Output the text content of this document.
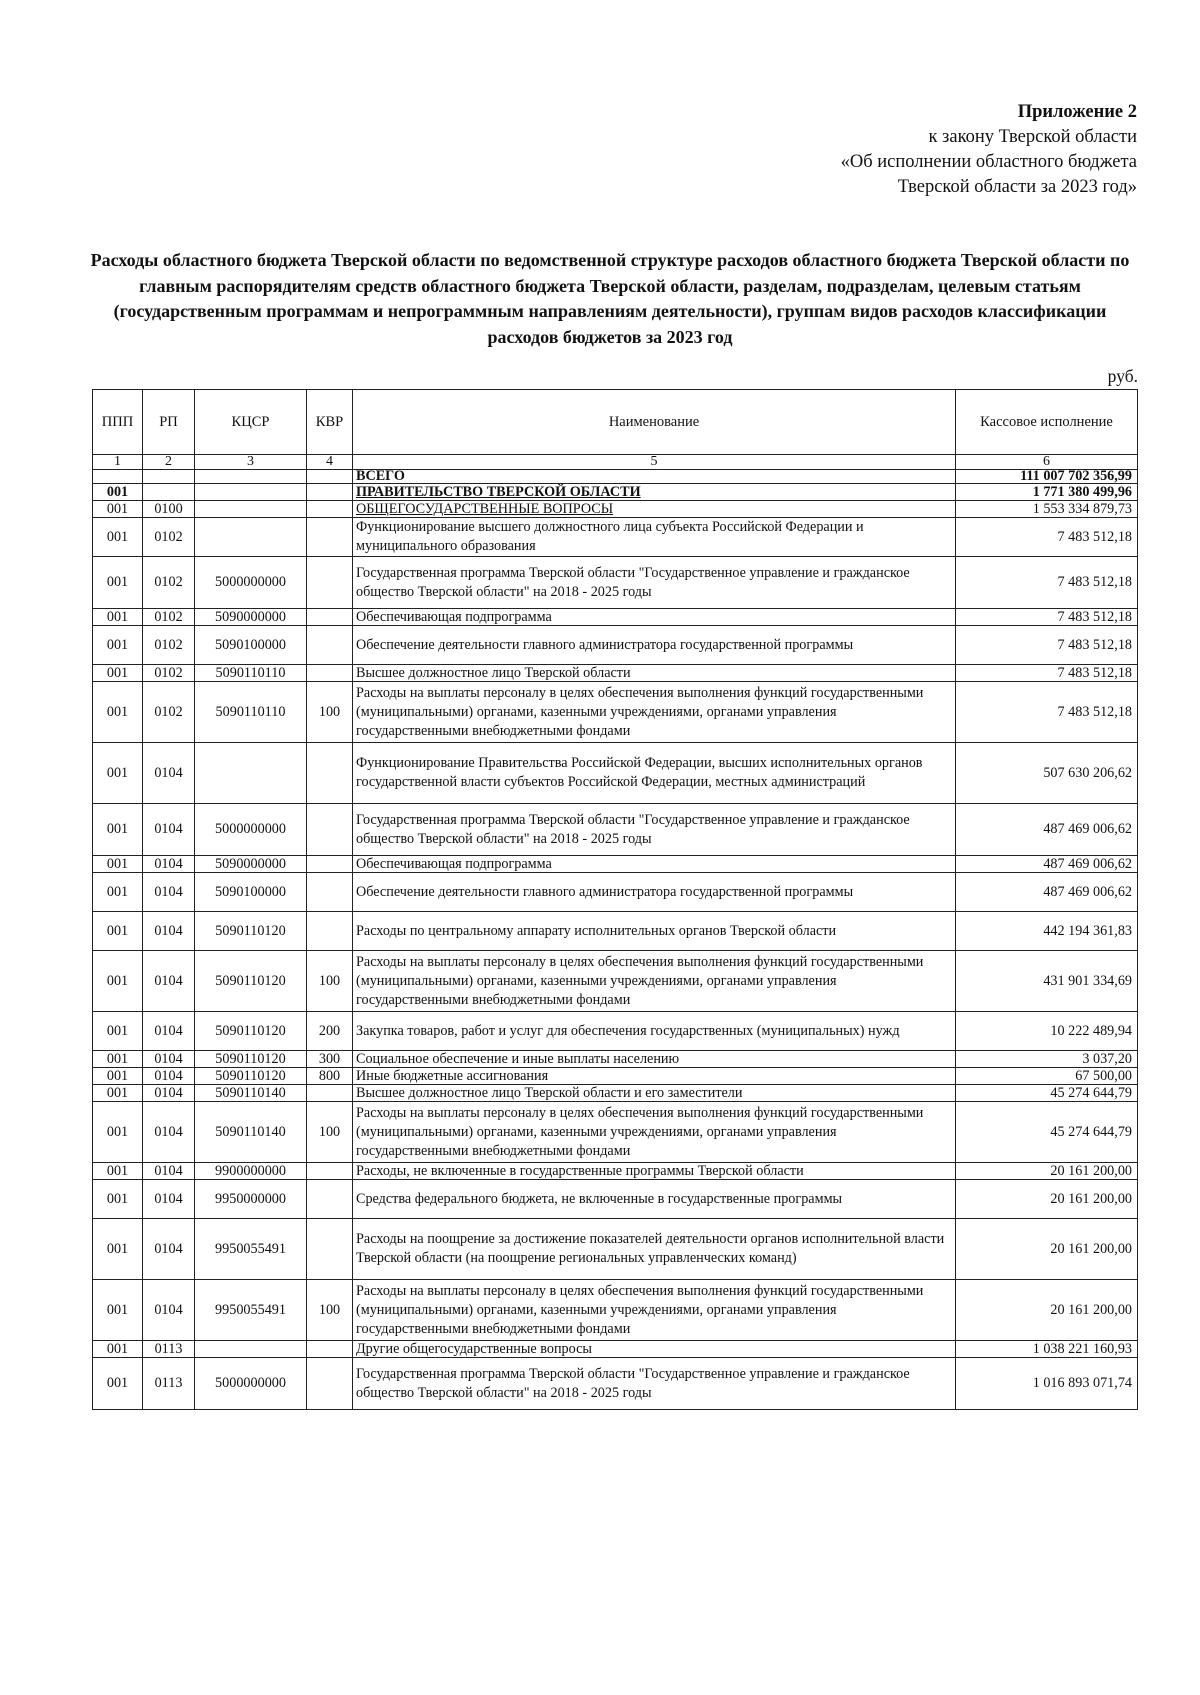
Приложение 2
к закону Тверской области
«Об исполнении областного бюджета
Тверской области за 2023 год»
Расходы областного бюджета Тверской области по ведомственной структуре расходов областного бюджета Тверской области по главным распорядителям средств областного бюджета Тверской области, разделам, подразделам, целевым статьям (государственным программам и непрограммным направлениям деятельности), группам видов расходов классификации расходов бюджетов за 2023 год
руб.
ППП	РП	КЦСР	КВР	Наименование	Кассовое исполнение
1	2	3	4	5	6
				ВСЕГО	111 007 702 356,99
001				ПРАВИТЕЛЬСТВО ТВЕРСКОЙ ОБЛАСТИ	1 771 380 499,96
001	0100			ОБЩЕГОСУДАРСТВЕННЫЕ ВОПРОСЫ	1 553 334 879,73
001	0102			Функционирование высшего должностного лица субъекта Российской Федерации и муниципального образования	7 483 512,18
001	0102	5000000000		Государственная программа Тверской области "Государственное управление и гражданское общество Тверской области" на 2018 - 2025 годы	7 483 512,18
001	0102	5090000000		Обеспечивающая подпрограмма	7 483 512,18
001	0102	5090100000		Обеспечение деятельности главного администратора государственной программы	7 483 512,18
001	0102	5090110110		Высшее должностное лицо Тверской области	7 483 512,18
001	0102	5090110110	100	Расходы на выплаты персоналу в целях обеспечения выполнения функций государственными (муниципальными) органами, казенными учреждениями, органами управления государственными внебюджетными фондами	7 483 512,18
001	0104			Функционирование Правительства Российской Федерации, высших исполнительных органов государственной власти субъектов Российской Федерации, местных администраций	507 630 206,62
001	0104	5000000000		Государственная программа Тверской области "Государственное управление и гражданское общество Тверской области" на 2018 - 2025 годы	487 469 006,62
001	0104	5090000000		Обеспечивающая подпрограмма	487 469 006,62
001	0104	5090100000		Обеспечение деятельности главного администратора государственной программы	487 469 006,62
001	0104	5090110120		Расходы по центральному аппарату исполнительных органов Тверской области	442 194 361,83
001	0104	5090110120	100	Расходы на выплаты персоналу в целях обеспечения выполнения функций государственными (муниципальными) органами, казенными учреждениями, органами управления государственными внебюджетными фондами	431 901 334,69
001	0104	5090110120	200	Закупка товаров, работ и услуг для обеспечения государственных (муниципальных) нужд	10 222 489,94
001	0104	5090110120	300	Социальное обеспечение и иные выплаты населению	3 037,20
001	0104	5090110120	800	Иные бюджетные ассигнования	67 500,00
001	0104	5090110140		Высшее должностное лицо Тверской области и его заместители	45 274 644,79
001	0104	5090110140	100	Расходы на выплаты персоналу в целях обеспечения выполнения функций государственными (муниципальными) органами, казенными учреждениями, органами управления государственными внебюджетными фондами	45 274 644,79
001	0104	9900000000		Расходы, не включенные в государственные программы Тверской области	20 161 200,00
001	0104	9950000000		Средства федерального бюджета, не включенные в государственные программы	20 161 200,00
001	0104	9950055491		Расходы на поощрение за достижение показателей деятельности органов исполнительной власти Тверской области (на поощрение региональных управленческих команд)	20 161 200,00
001	0104	9950055491	100	Расходы на выплаты персоналу в целях обеспечения выполнения функций государственными (муниципальными) органами, казенными учреждениями, органами управления государственными внебюджетными фондами	20 161 200,00
001	0113			Другие общегосударственные вопросы	1 038 221 160,93
001	0113	5000000000		Государственная программа Тверской области "Государственное управление и гражданское общество Тверской области" на 2018 - 2025 годы	1 016 893 071,74
